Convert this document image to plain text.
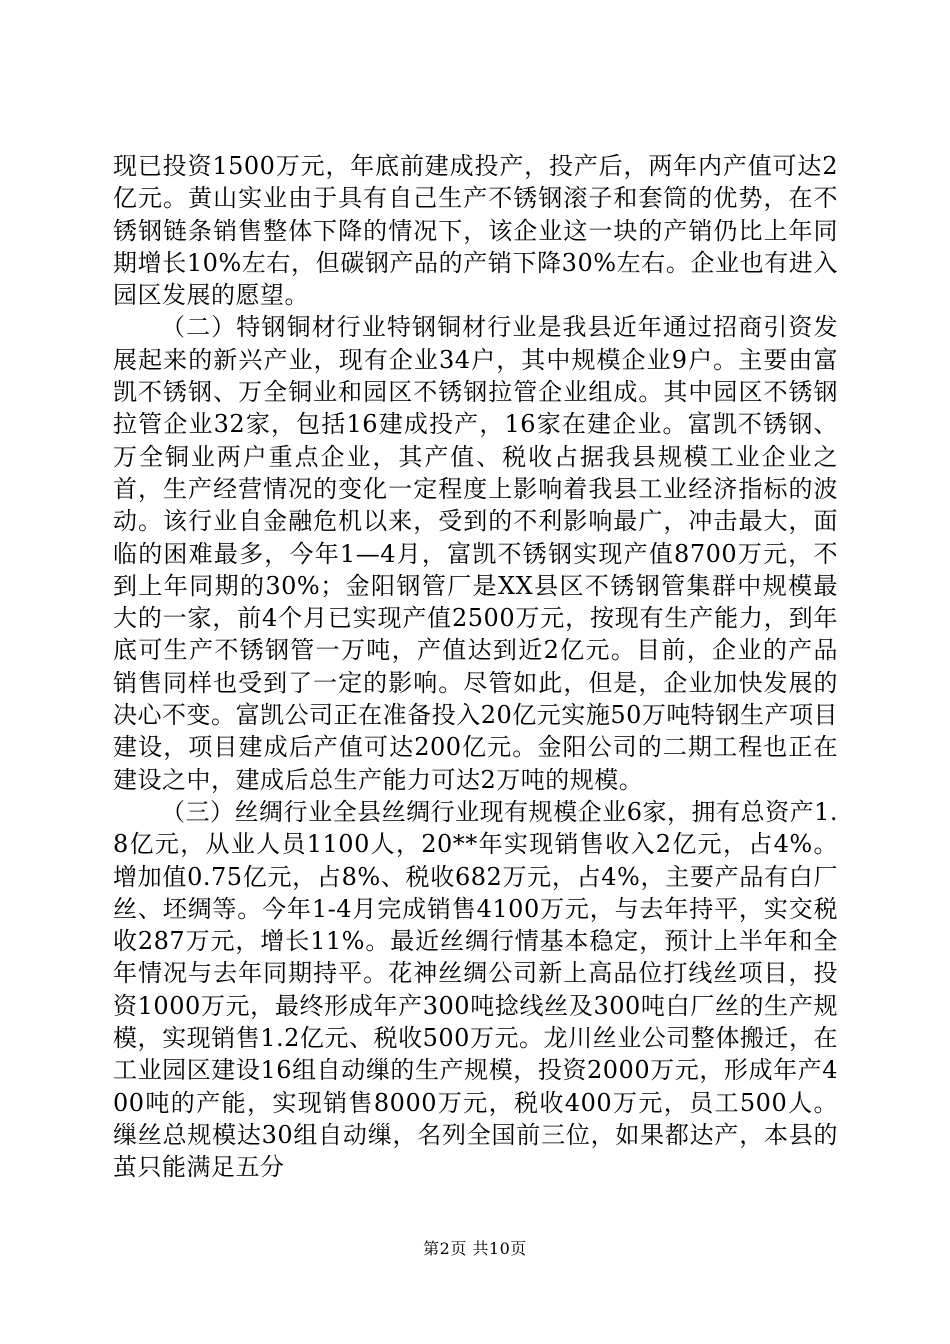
现已投资1500万元，年底前建成投产，投产后，两年内产值可达2亿元。黄山实业由于具有自己生产不锈钢滚子和套筒的优势，在不锈钢链条销售整体下降的情况下，该企业这一块的产销仍比上年同期增长10%左右，但碳钢产品的产销下降30%左右。企业也有进入园区发展的愿望。

（二）特钢铜材行业特钢铜材行业是我县近年通过招商引资发展起来的新兴产业，现有企业34户，其中规模企业9户。主要由富凯不锈钢、万全铜业和园区不锈钢拉管企业组成。其中园区不锈钢拉管企业32家，包括16建成投产，16家在建企业。富凯不锈钢、万全铜业两户重点企业，其产值、税收占据我县规模工业企业之首，生产经营情况的变化一定程度上影响着我县工业经济指标的波动。该行业自金融危机以来，受到的不利影响最广，冲击最大，面临的困难最多，今年1—4月，富凯不锈钢实现产值8700万元，不到上年同期的30%；金阳钢管厂是XX县区不锈钢管集群中规模最大的一家，前4个月已实现产值2500万元，按现有生产能力，到年底可生产不锈钢管一万吨，产值达到近2亿元。目前，企业的产品销售同样也受到了一定的影响。尽管如此，但是，企业加快发展的决心不变。富凯公司正在准备投入20亿元实施50万吨特钢生产项目建设，项目建成后产值可达200亿元。金阳公司的二期工程也正在建设之中，建成后总生产能力可达2万吨的规模。

（三）丝绸行业全县丝绸行业现有规模企业6家，拥有总资产1.8亿元，从业人员1100人，20**年实现销售收入2亿元，占4%。增加值0.75亿元，占8%、税收682万元，占4%，主要产品有白厂丝、坯绸等。今年1-4月完成销售4100万元，与去年持平，实交税收287万元，增长11%。最近丝绸行情基本稳定，预计上半年和全年情况与去年同期持平。花神丝绸公司新上高品位打线丝项目，投资1000万元，最终形成年产300吨捻线丝及300吨白厂丝的生产规模，实现销售1.2亿元、税收500万元。龙川丝业公司整体搬迁，在工业园区建设16组自动缫的生产规模，投资2000万元，形成年产400吨的产能，实现销售8000万元，税收400万元，员工500人。缫丝总规模达30组自动缫，名列全国前三位，如果都达产，本县的茧只能满足五分

第2页 共10页
